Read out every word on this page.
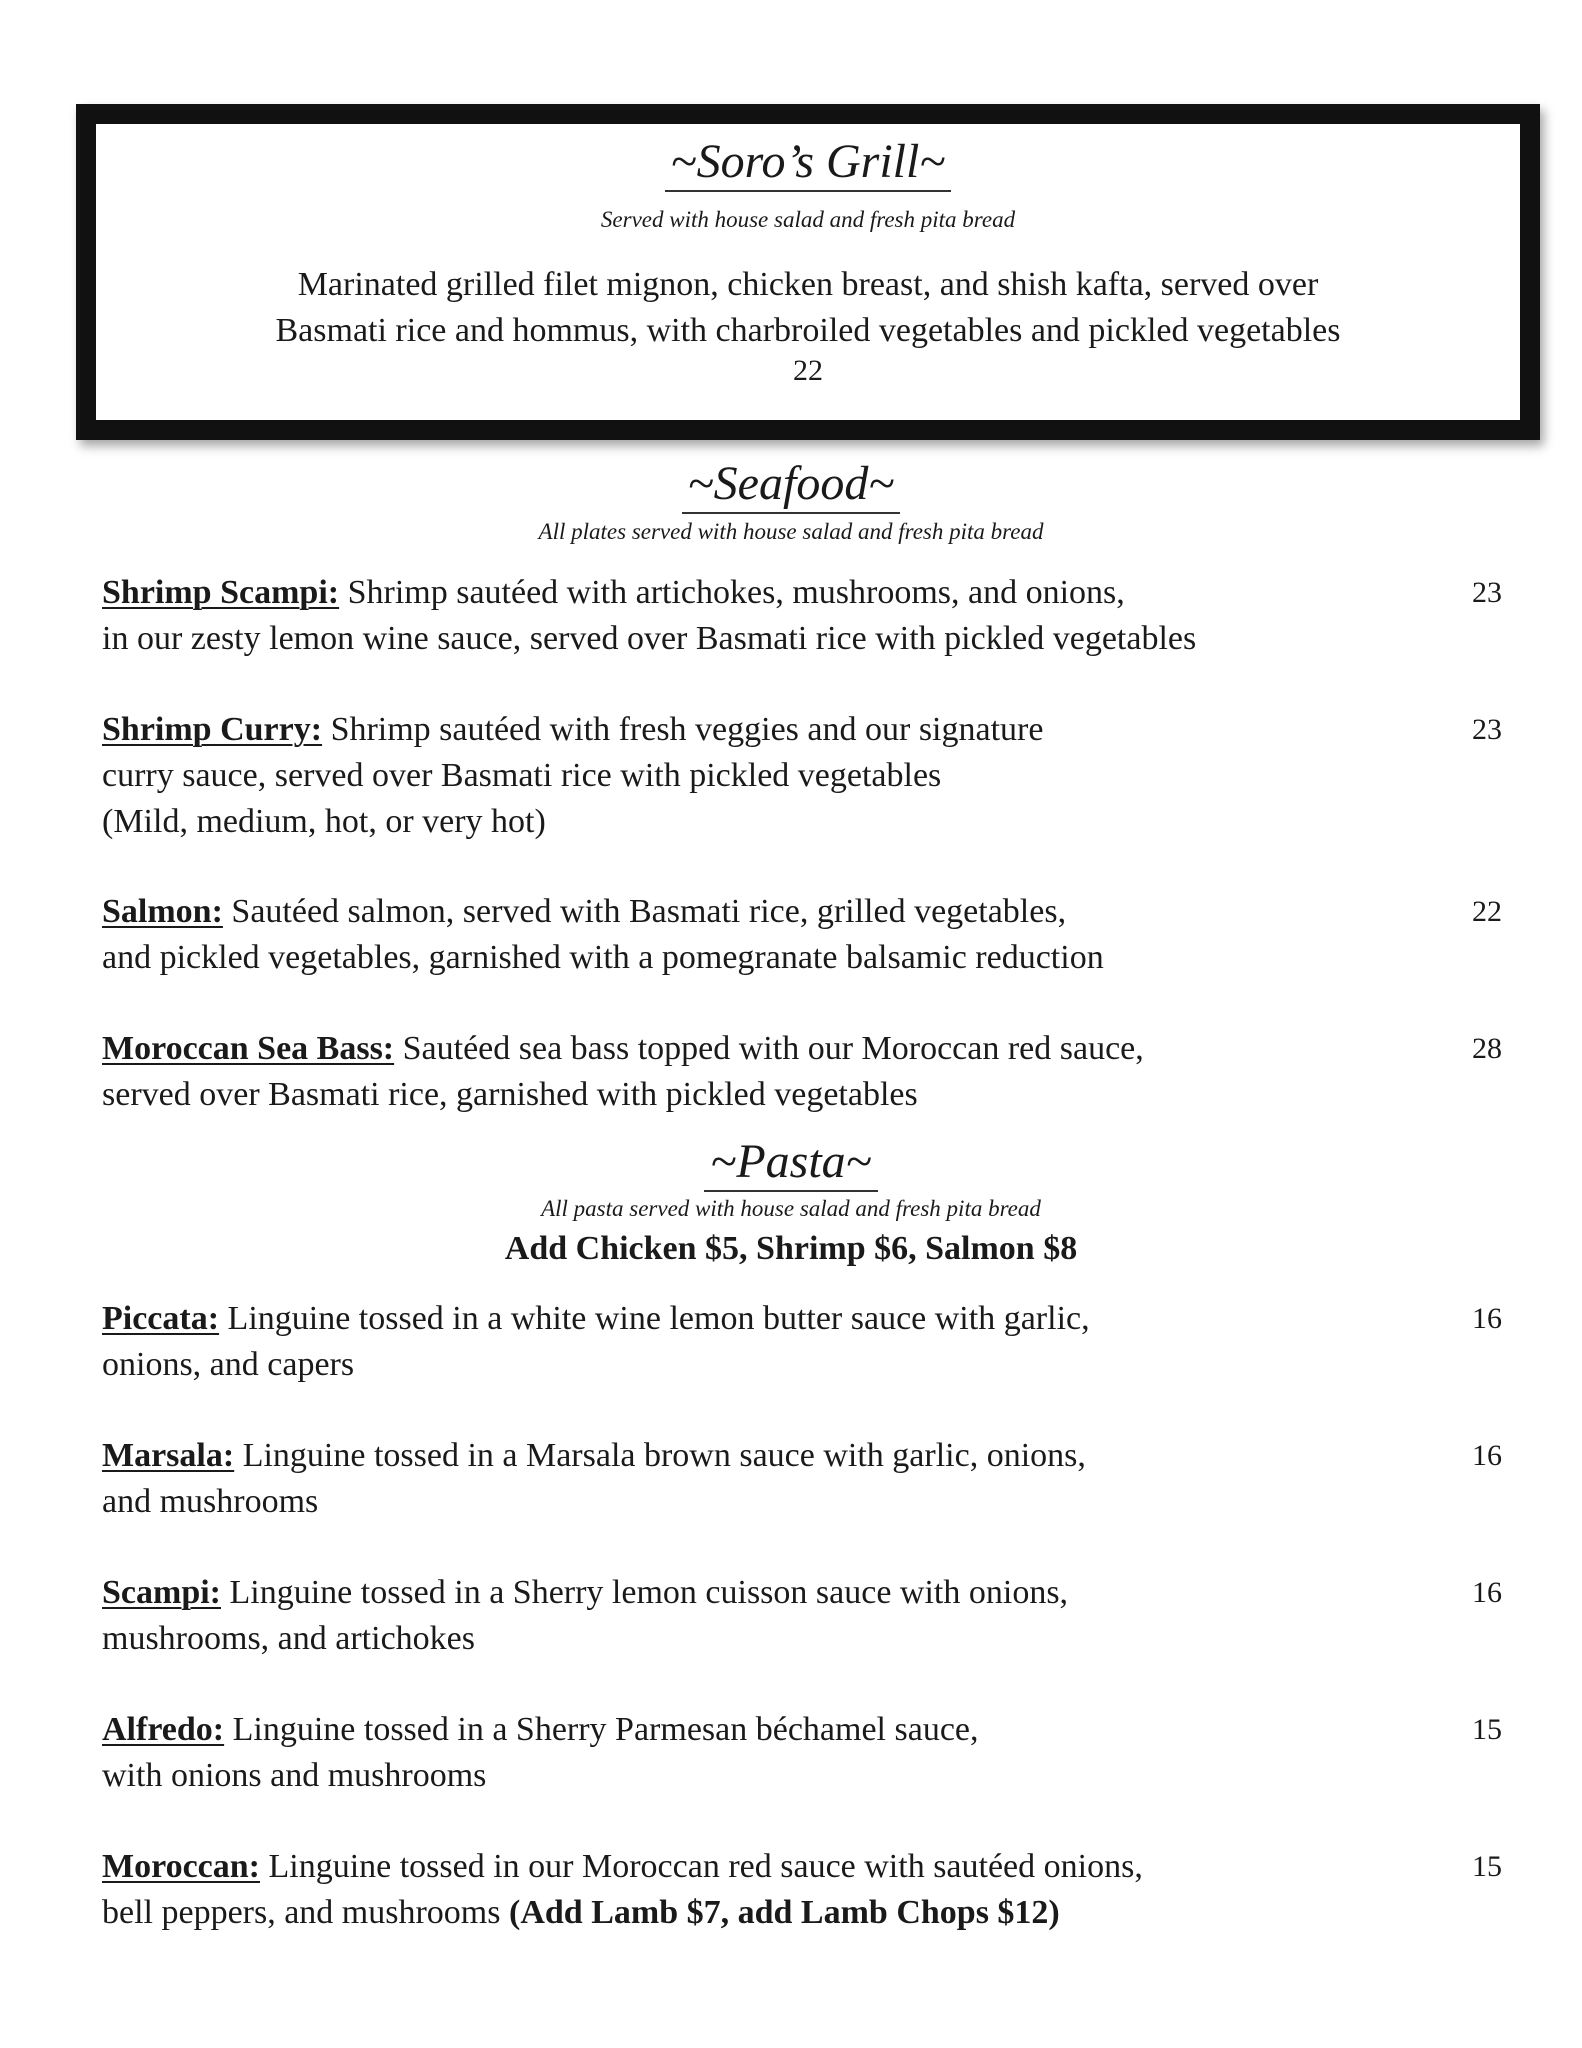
~Soro’s Grill~
Served with house salad and fresh pita bread
Marinated grilled filet mignon, chicken breast, and shish kafta, served over
Basmati rice and hommus, with charbroiled vegetables and pickled vegetables
22
~Seafood~
All plates served with house salad and fresh pita bread
Shrimp Scampi: Shrimp sautéed with artichokes, mushrooms, and onions,
in our zesty lemon wine sauce, served over Basmati rice with pickled vegetables
23
Shrimp Curry: Shrimp sautéed with fresh veggies and our signature
curry sauce, served over Basmati rice with pickled vegetables
(Mild, medium, hot, or very hot)
23
Salmon: Sautéed salmon, served with Basmati rice, grilled vegetables,
and pickled vegetables, garnished with a pomegranate balsamic reduction
22
Moroccan Sea Bass: Sautéed sea bass topped with our Moroccan red sauce,
served over Basmati rice, garnished with pickled vegetables
28
~Pasta~
All pasta served with house salad and fresh pita bread
Add Chicken $5, Shrimp $6, Salmon $8
Piccata: Linguine tossed in a white wine lemon butter sauce with garlic,
onions, and capers
16
Marsala: Linguine tossed in a Marsala brown sauce with garlic, onions,
and mushrooms
16
Scampi: Linguine tossed in a Sherry lemon cuisson sauce with onions,
mushrooms, and artichokes
16
Alfredo: Linguine tossed in a Sherry Parmesan béchamel sauce,
with onions and mushrooms
15
Moroccan: Linguine tossed in our Moroccan red sauce with sautéed onions,
bell peppers, and mushrooms (Add Lamb $7, add Lamb Chops $12)
15
